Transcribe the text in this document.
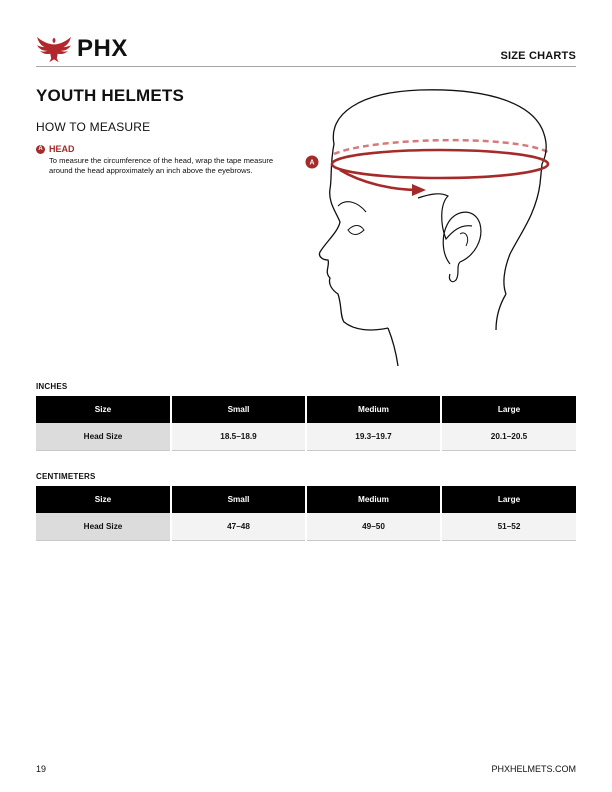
PHX	SIZE CHARTS
YOUTH HELMETS
HOW TO MEASURE
A HEAD

To measure the circumference of the head, wrap the tape measure around the head approximately an inch above the eyebrows.

A
INCHES
Size	Small	Medium	Large
Head Size	18.5–18.9	19.3–19.7	20.1–20.5
CENTIMETERS
Size	Small	Medium	Large
Head Size	47–48	49–50	51–52
19	PHXHELMETS.COM
